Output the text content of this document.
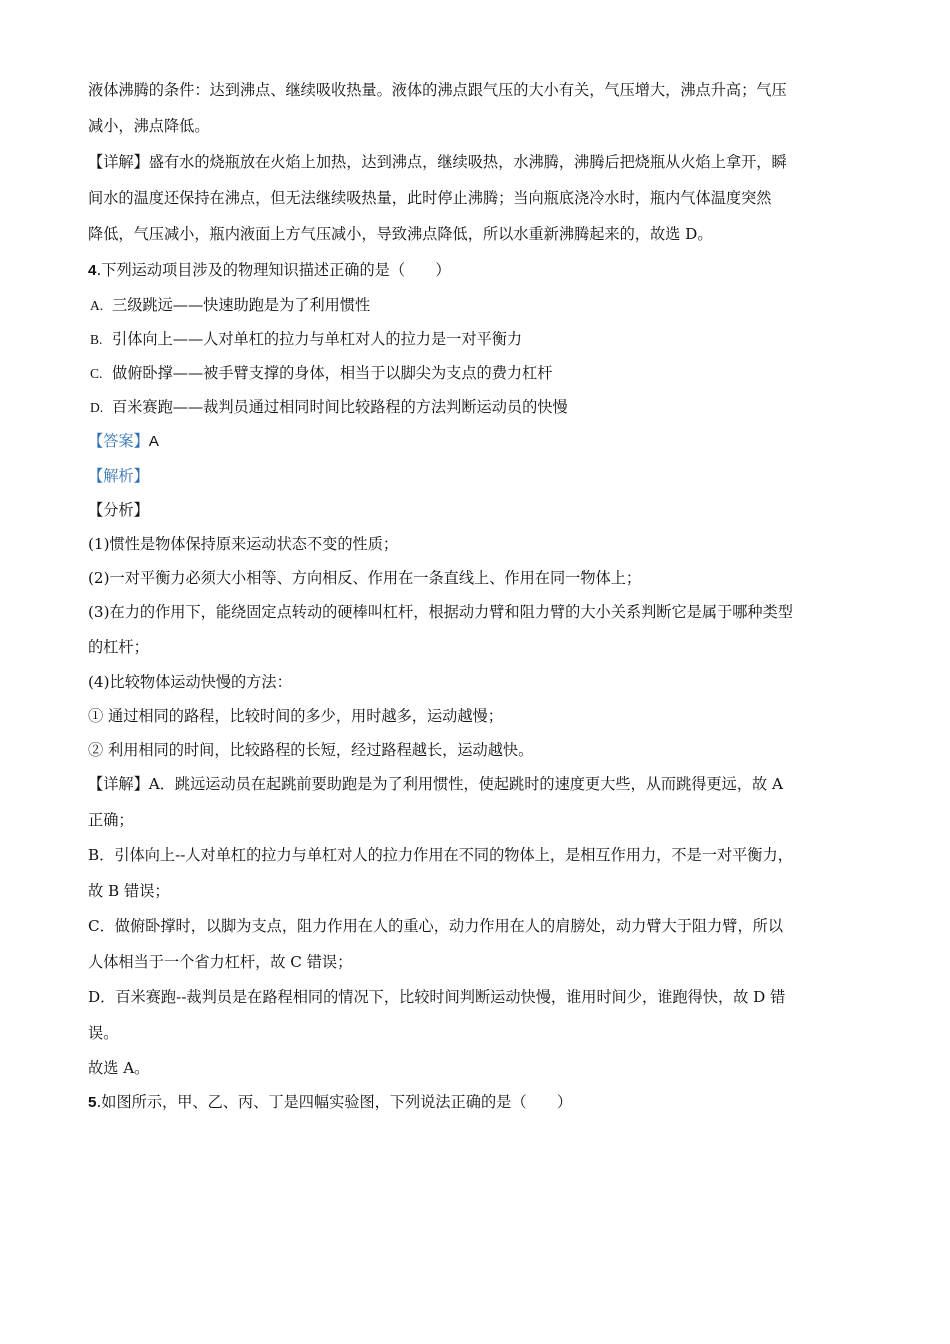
液体沸腾的条件：达到沸点、继续吸收热量。液体的沸点跟气压的大小有关，气压增大，沸点升高；气压
减小，沸点降低。
【详解】盛有水的烧瓶放在火焰上加热，达到沸点，继续吸热，水沸腾，沸腾后把烧瓶从火焰上拿开，瞬
间水的温度还保持在沸点，但无法继续吸热量，此时停止沸腾；当向瓶底浇冷水时，瓶内气体温度突然
降低，气压减小，瓶内液面上方气压减小，导致沸点降低，所以水重新沸腾起来的，故选 D。
4.下列运动项目涉及的物理知识描述正确的是（　　）
A. 三级跳远——快速助跑是为了利用惯性
B. 引体向上——人对单杠的拉力与单杠对人的拉力是一对平衡力
C. 做俯卧撑——被手臂支撑的身体，相当于以脚尖为支点的费力杠杆
D. 百米赛跑——裁判员通过相同时间比较路程的方法判断运动员的快慢
【答案】A
【解析】
【分析】
(1)惯性是物体保持原来运动状态不变的性质；
(2)一对平衡力必须大小相等、方向相反、作用在一条直线上、作用在同一物体上；
(3)在力的作用下，能绕固定点转动的硬棒叫杠杆，根据动力臂和阻力臂的大小关系判断它是属于哪种类型
的杠杆；
(4)比较物体运动快慢的方法：
① 通过相同的路程，比较时间的多少，用时越多，运动越慢；
② 利用相同的时间，比较路程的长短，经过路程越长，运动越快。
【详解】A．跳远运动员在起跳前要助跑是为了利用惯性，使起跳时的速度更大些，从而跳得更远，故 A
正确；
B．引体向上--人对单杠的拉力与单杠对人的拉力作用在不同的物体上，是相互作用力，不是一对平衡力，
故 B 错误；
C．做俯卧撑时，以脚为支点，阻力作用在人的重心，动力作用在人的肩膀处，动力臂大于阻力臂，所以
人体相当于一个省力杠杆，故 C 错误；
D．百米赛跑--裁判员是在路程相同的情况下，比较时间判断运动快慢，谁用时间少，谁跑得快，故 D 错
误。
故选 A。
5.如图所示，甲、乙、丙、丁是四幅实验图，下列说法正确的是（　　）
